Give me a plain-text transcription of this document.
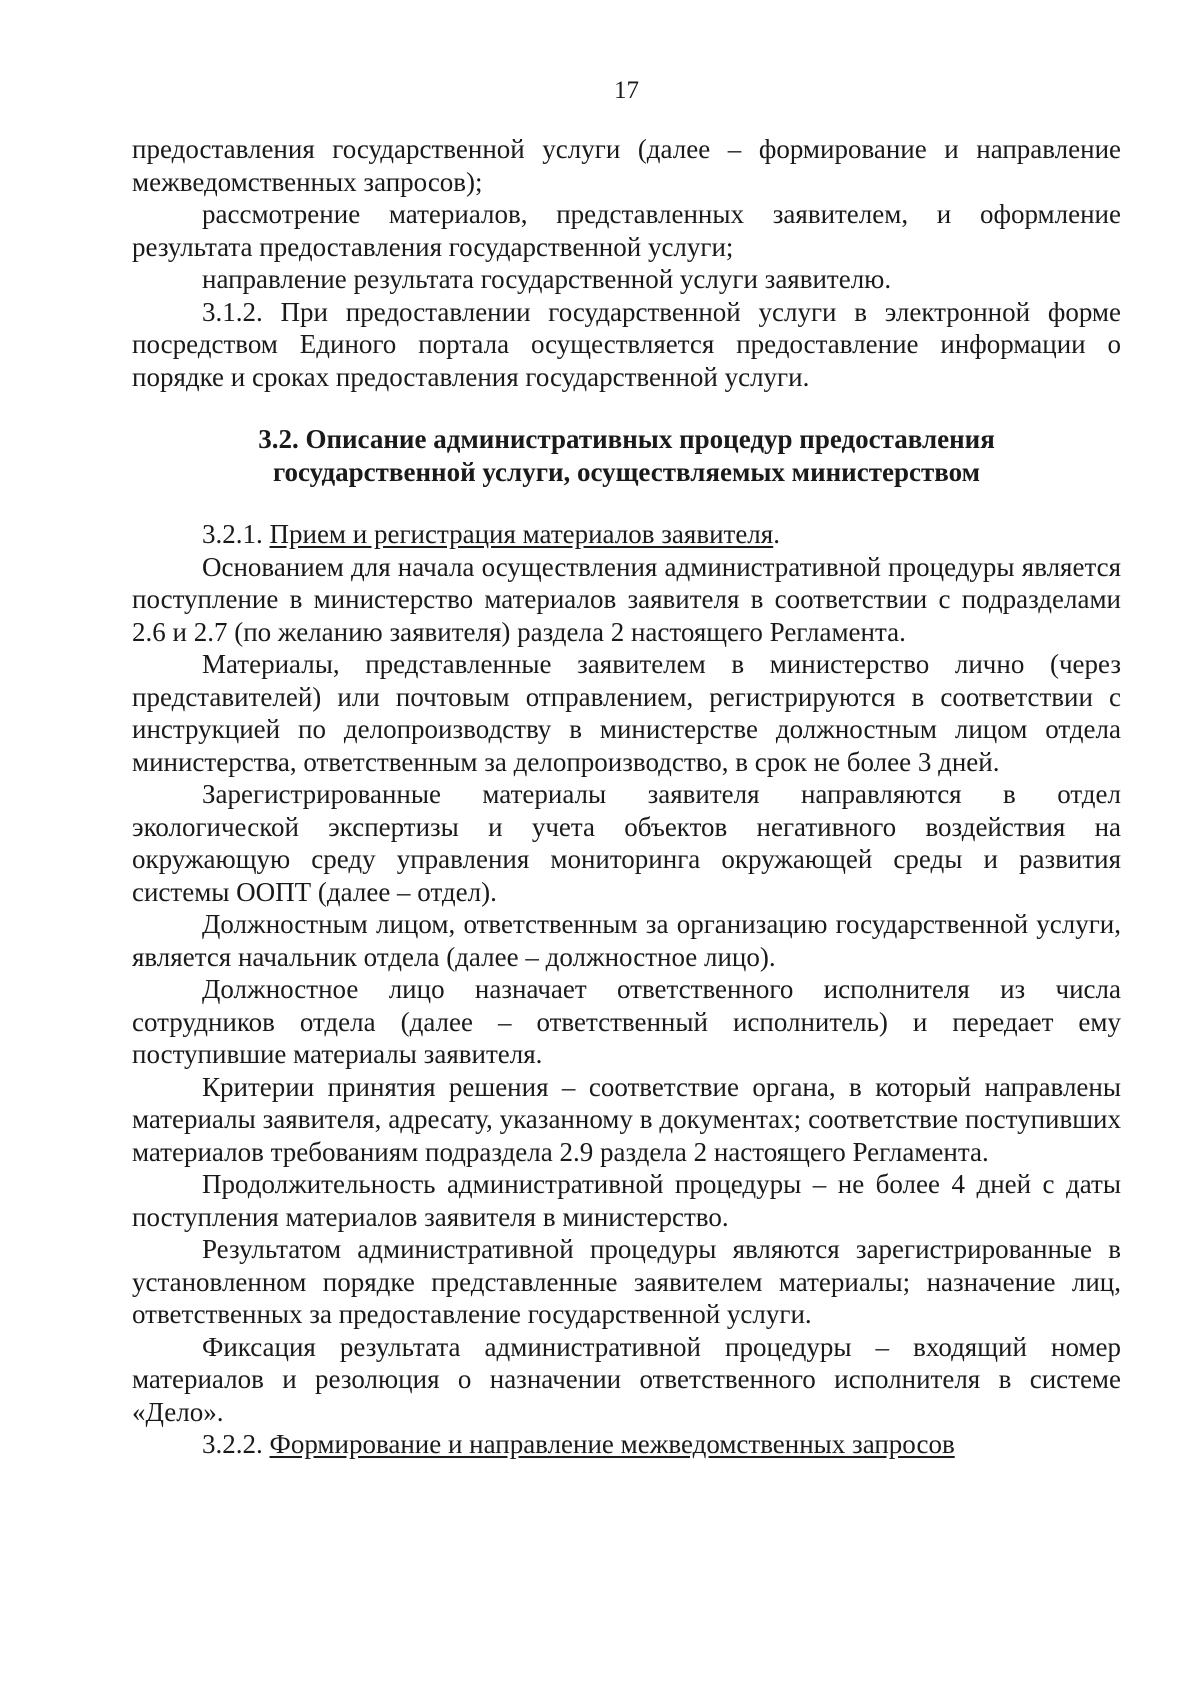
17

предоставления государственной услуги (далее – формирование и направление межведомственных запросов);

рассмотрение материалов, представленных заявителем, и оформление результата предоставления государственной услуги;

направление результата государственной услуги заявителю.

3.1.2. При предоставлении государственной услуги в электронной форме посредством Единого портала осуществляется предоставление информации о порядке и сроках предоставления государственной услуги.

3.2. Описание административных процедур предоставления
государственной услуги, осуществляемых министерством

3.2.1. Прием и регистрация материалов заявителя.

Основанием для начала осуществления административной процедуры является поступление в министерство материалов заявителя в соответствии с подразделами 2.6 и 2.7 (по желанию заявителя) раздела 2 настоящего Регламента.

Материалы, представленные заявителем в министерство лично (через представителей) или почтовым отправлением, регистрируются в соответствии с инструкцией по делопроизводству в министерстве должностным лицом отдела министерства, ответственным за делопроизводство, в срок не более 3 дней.

Зарегистрированные материалы заявителя направляются в отдел экологической экспертизы и учета объектов негативного воздействия на окружающую среду управления мониторинга окружающей среды и развития системы ООПТ (далее – отдел).

Должностным лицом, ответственным за организацию государственной услуги, является начальник отдела (далее – должностное лицо).

Должностное лицо назначает ответственного исполнителя из числа сотрудников отдела (далее – ответственный исполнитель) и передает ему поступившие материалы заявителя.

Критерии принятия решения – соответствие органа, в который направлены материалы заявителя, адресату, указанному в документах; соответствие поступивших материалов требованиям подраздела 2.9 раздела 2 настоящего Регламента.

Продолжительность административной процедуры – не более 4 дней с даты поступления материалов заявителя в министерство.

Результатом административной процедуры являются зарегистрированные в установленном порядке представленные заявителем материалы; назначение лиц, ответственных за предоставление государственной услуги.

Фиксация результата административной процедуры – входящий номер материалов и резолюция о назначении ответственного исполнителя в системе «Дело».

3.2.2. Формирование и направление межведомственных запросов
